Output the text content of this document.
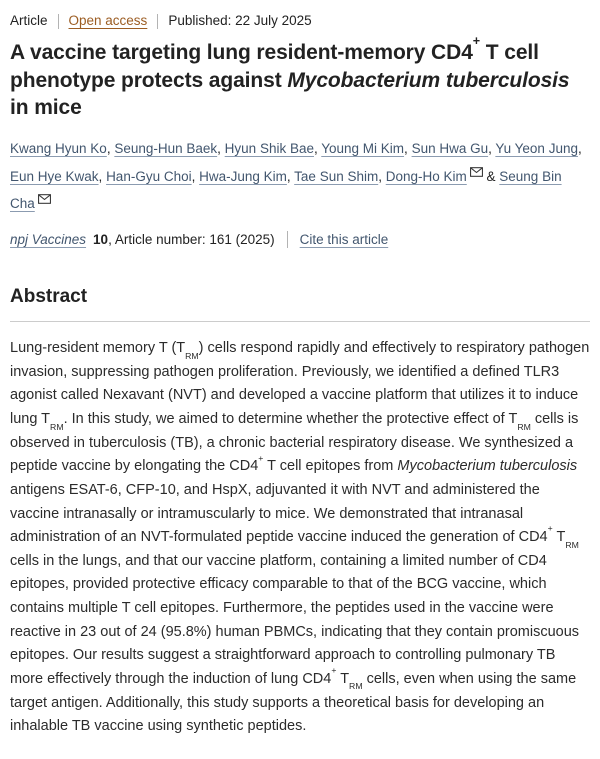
Article Open access Published: 22 July 2025
A vaccine targeting lung resident-memory CD4+ T cell phenotype protects against Mycobacterium tuberculosis in mice

Kwang Hyun Ko, Seung-Hun Baek, Hyun Shik Bae, Young Mi Kim, Sun Hwa Gu, Yu Yeon Jung, Eun Hye Kwak, Han-Gyu Choi, Hwa-Jung Kim, Tae Sun Shim, Dong-Ho Kim
& Seung Bin Cha

npj Vaccines 10 , Article number: 161 (2025) Cite this article

Abstract

Lung-resident memory T $(T_{RM})$ cells respond rapidly and effectively to respiratory pathogen invasion, suppressing pathogen proliferation. Previously, we identified a defined TLR3 agonist called Nexavant (NVT) and developed a vaccine platform that utilizes it to induce lung $T_{RM}$. In this study, we aimed to determine whether the protective effect of $T_{RM}$ cells is observed in tuberculosis (TB), a chronic bacterial respiratory disease. We synthesized a peptide vaccine by elongating the CD4+ T cell epitopes from Mycobacterium tuberculosis antigens ESAT-6, CFP-10, and HspX, adjuvanted it with NVT and administered the vaccine intranasally or intramuscularly to mice. We demonstrated that intranasal administration of an NVT-formulated peptide vaccine induced the generation of CD4+ $T_{RM}$ cells in the lungs, and that our vaccine platform, containing a limited number of CD4 epitopes, provided protective efficacy comparable to that of the BCG vaccine, which contains multiple T cell epitopes. Furthermore, the peptides used in the vaccine were reactive in 23 out of 24 (95.8%) human PBMCs, indicating that they contain promiscuous epitopes. Our results suggest a straightforward approach to controlling pulmonary TB more effectively through the induction of lung CD4+ $T_{RM}$ cells, even when using the same target antigen. Additionally, this study supports a theoretical basis for developing an inhalable TB vaccine using synthetic peptides.
